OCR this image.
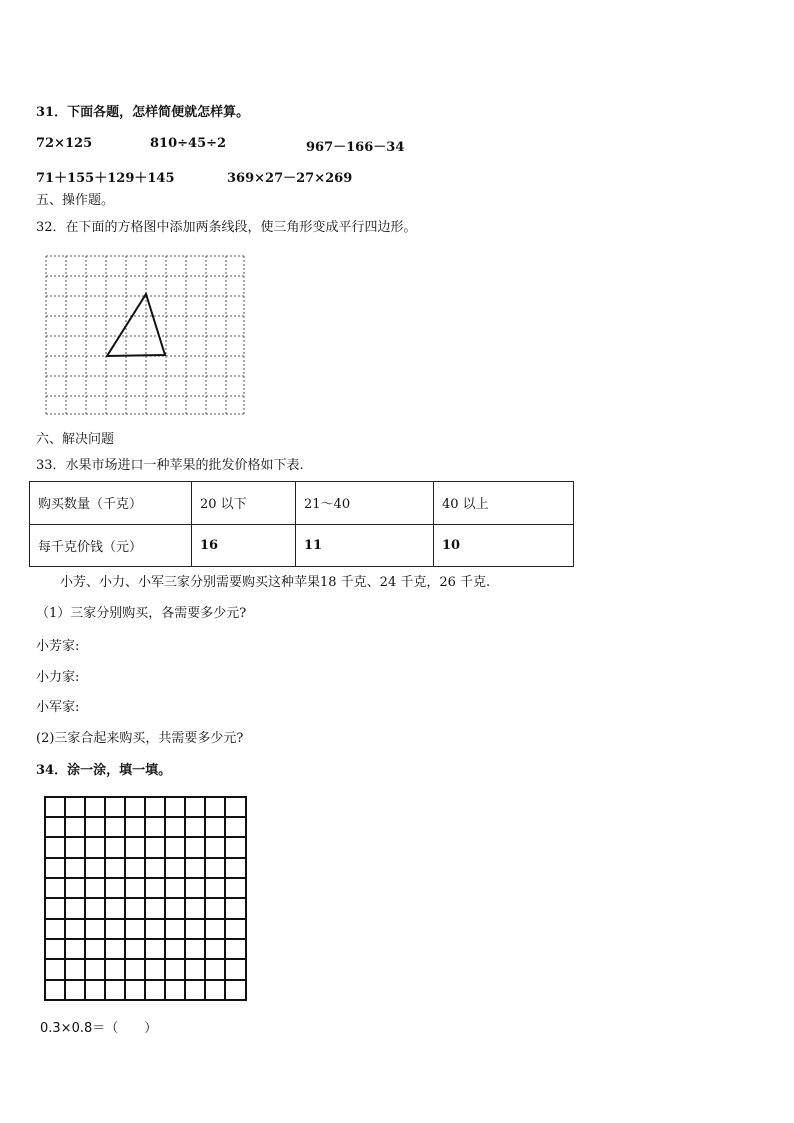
31．下面各题，怎样简便就怎样算。
72×125	810÷45÷2	967－166－34
71＋155＋129＋145	369×27－27×269
五、操作题。
32．在下面的方格图中添加两条线段，使三角形变成平行四边形。
六、解决问题
33．水果市场进口一种苹果的批发价格如下表.
购买数量（千克）	20 以下	21～40	40 以上
每千克价钱（元）	16	11	10
小芳、小力、小军三家分别需要购买这种苹果18 千克、24 千克，26 千克.
（1）三家分别购买，各需要多少元?
小芳家:
小力家:
小军家:
(2)三家合起来购买，共需要多少元?
34．涂一涂，填一填。
0.3×0.8＝（　　）
